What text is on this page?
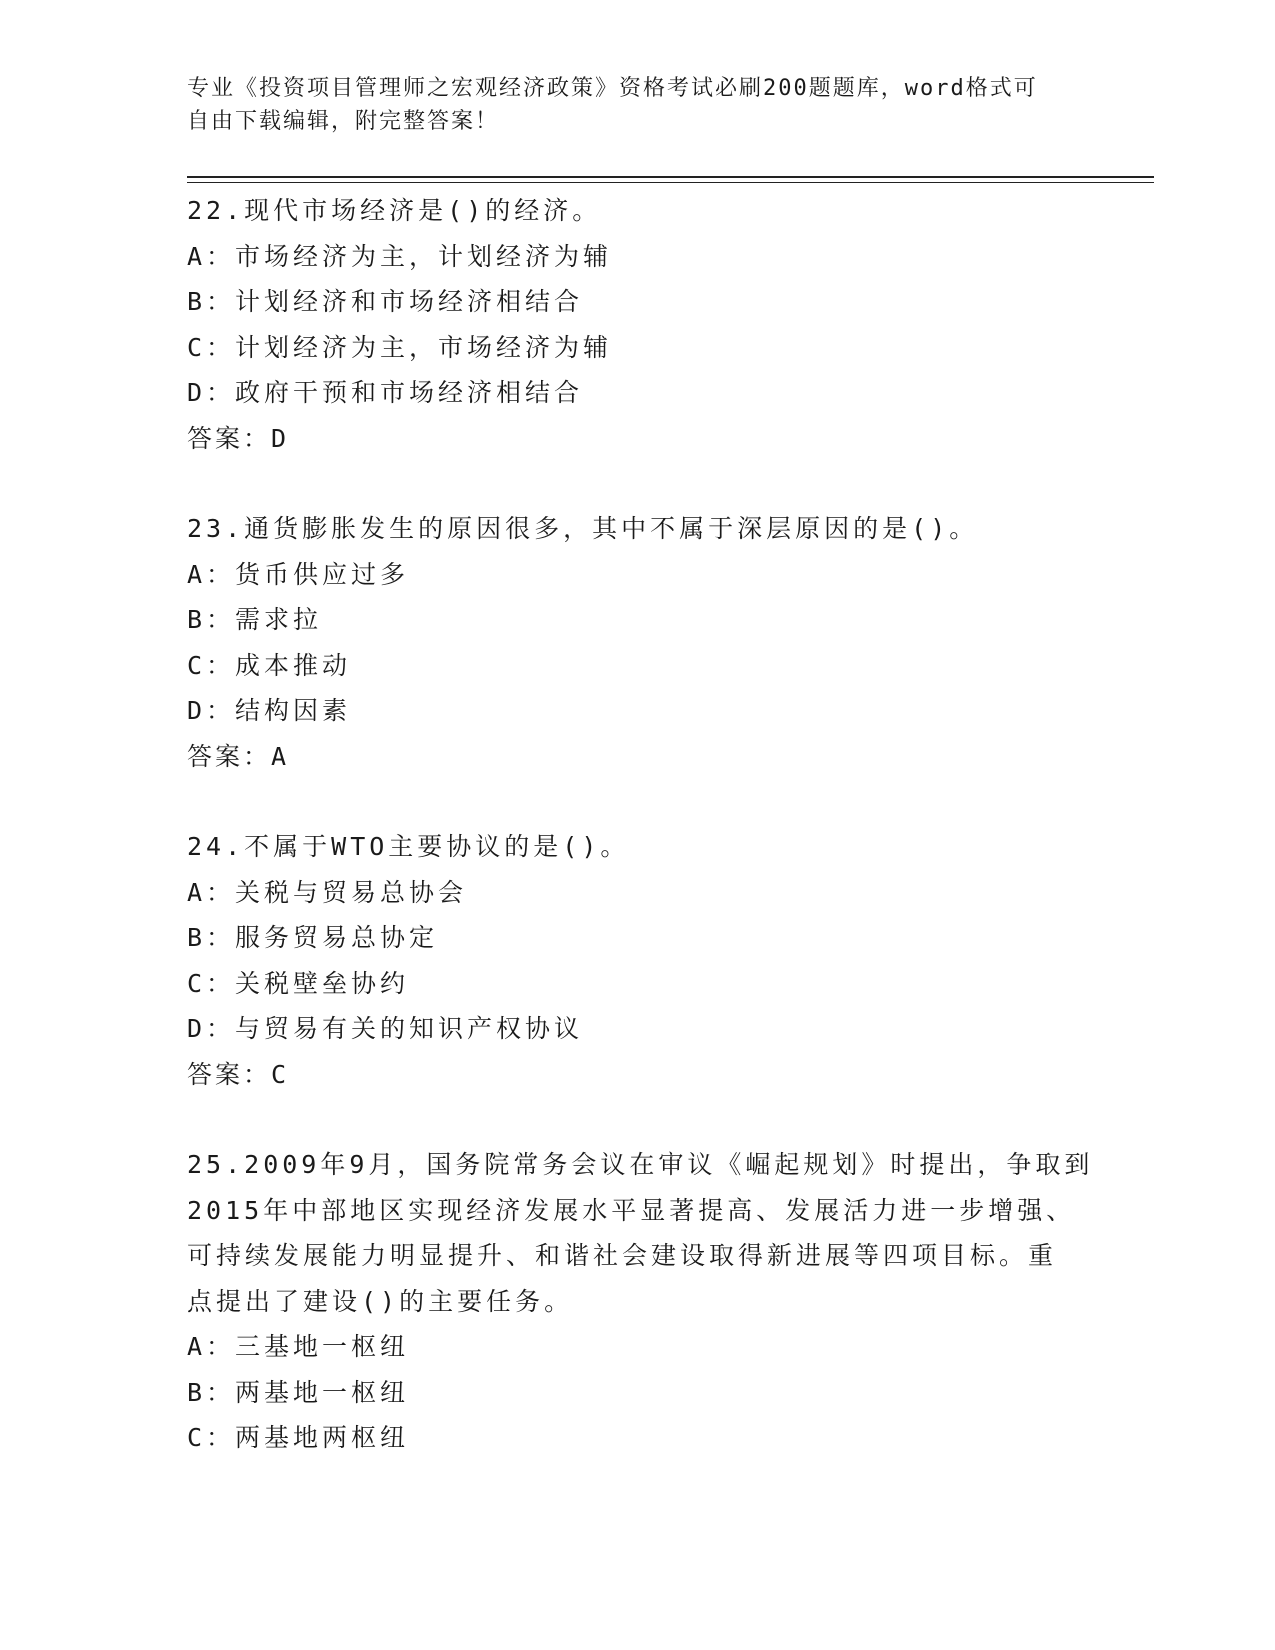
专业《投资项目管理师之宏观经济政策》资格考试必刷200题题库，word格式可
自由下载编辑，附完整答案！
22.现代市场经济是()的经济。
A：市场经济为主，计划经济为辅
B：计划经济和市场经济相结合
C：计划经济为主，市场经济为辅
D：政府干预和市场经济相结合
答案：D
23.通货膨胀发生的原因很多，其中不属于深层原因的是()。
A：货币供应过多
B：需求拉
C：成本推动
D：结构因素
答案：A
24.不属于WTO主要协议的是()。
A：关税与贸易总协会
B：服务贸易总协定
C：关税壁垒协约
D：与贸易有关的知识产权协议
答案：C
25.2009年9月，国务院常务会议在审议《崛起规划》时提出，争取到
2015年中部地区实现经济发展水平显著提高、发展活力进一步增强、
可持续发展能力明显提升、和谐社会建设取得新进展等四项目标。重
点提出了建设()的主要任务。
A：三基地一枢纽
B：两基地一枢纽
C：两基地两枢纽
